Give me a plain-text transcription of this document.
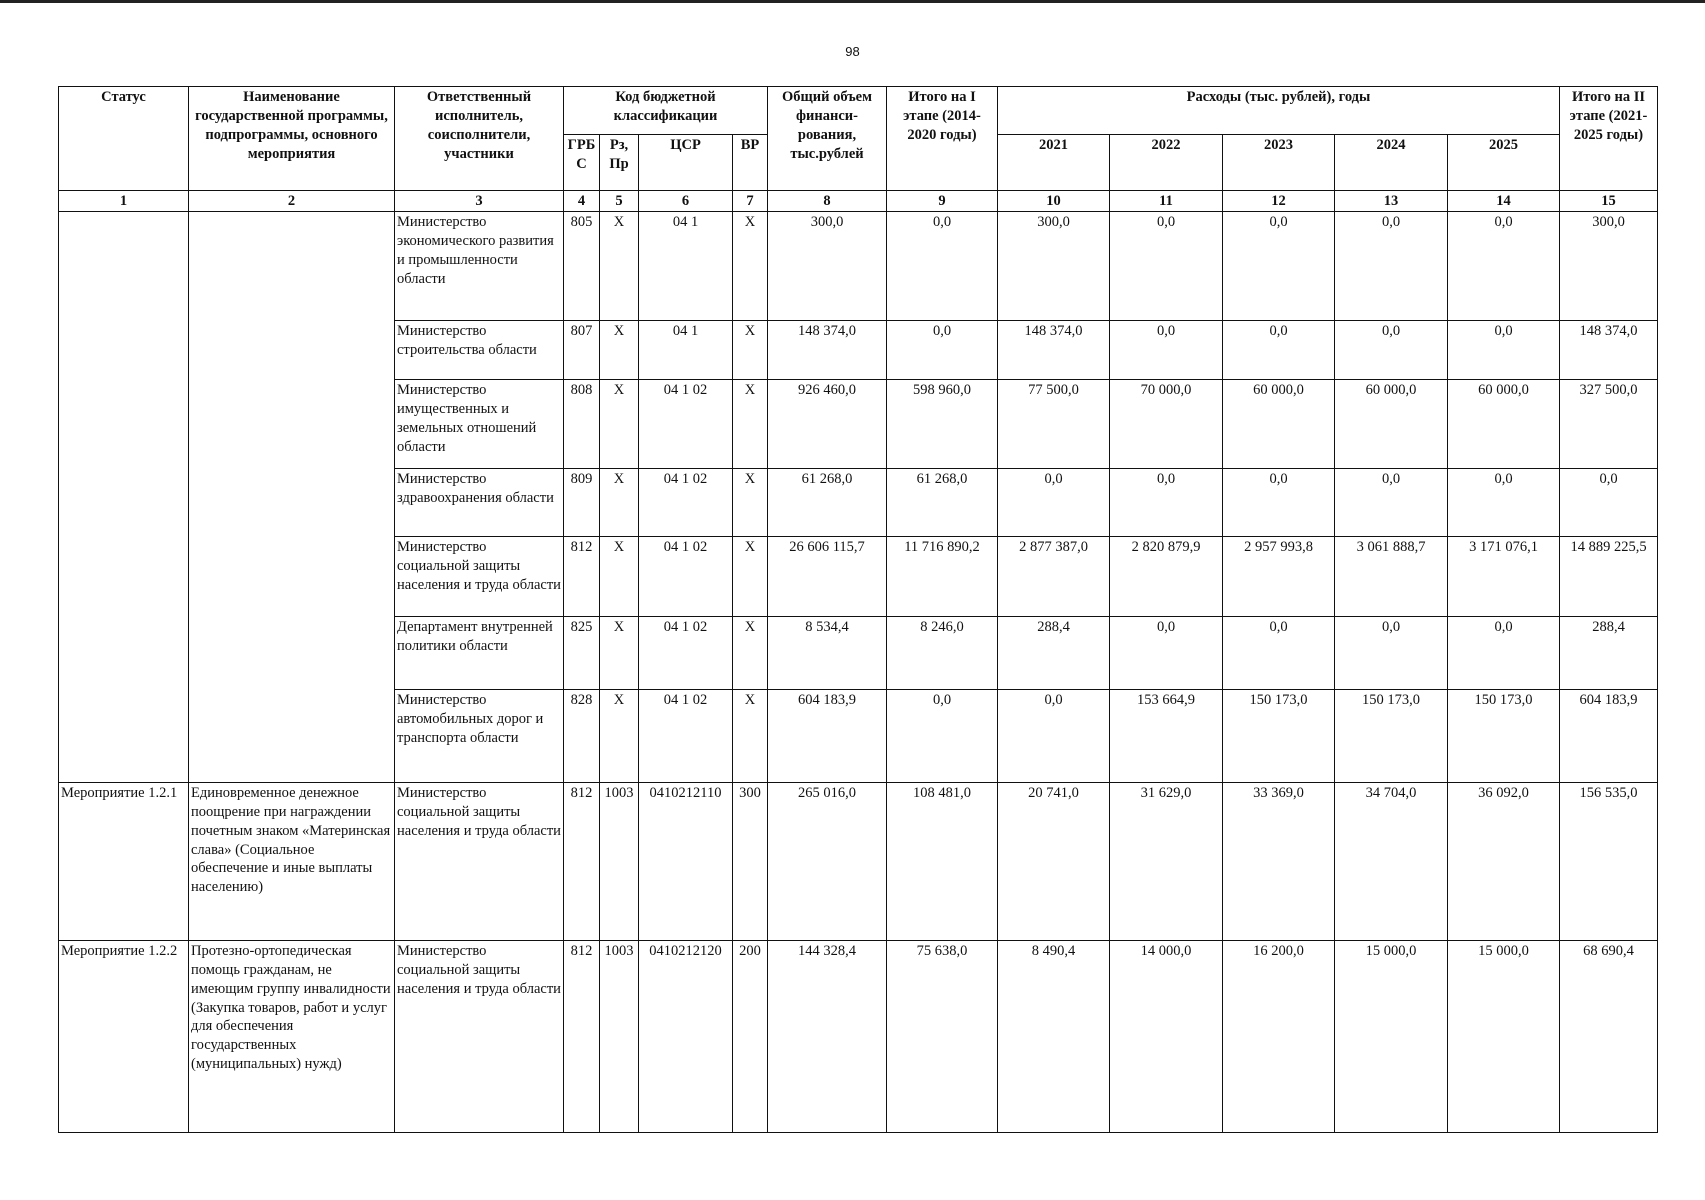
98
Статус	Наименование государственной программы, подпрограммы, основного мероприятия	Ответственный исполнитель, соисполнители, участники	Код бюджетной классификации				Общий объем финанси- рования, тыс.рублей	Итого на I этапе (2014-2020 годы)	Расходы (тыс. рублей), годы					Итого на II этапе (2021- 2025 годы)
			ГРБ С	Рз, Пр	ЦСР	ВР			2021	2022	2023	2024	2025	
1	2	3	4	5	6	7	8	9	10	11	12	13	14	15
		Министерство экономического развития и промышленности области	805	Х	04 1	Х	300,0	0,0	300,0	0,0	0,0	0,0	0,0	300,0
		Министерство строительства области	807	Х	04 1	Х	148 374,0	0,0	148 374,0	0,0	0,0	0,0	0,0	148 374,0
		Министерство имущественных и земельных отношений области	808	Х	04 1 02	Х	926 460,0	598 960,0	77 500,0	70 000,0	60 000,0	60 000,0	60 000,0	327 500,0
		Министерство здравоохранения области	809	Х	04 1 02	Х	61 268,0	61 268,0	0,0	0,0	0,0	0,0	0,0	0,0
		Министерство социальной защиты населения и труда области	812	Х	04 1 02	Х	26 606 115,7	11 716 890,2	2 877 387,0	2 820 879,9	2 957 993,8	3 061 888,7	3 171 076,1	14 889 225,5
		Департамент внутренней политики области	825	Х	04 1 02	Х	8 534,4	8 246,0	288,4	0,0	0,0	0,0	0,0	288,4
		Министерство автомобильных дорог и транспорта области	828	Х	04 1 02	Х	604 183,9	0,0	0,0	153 664,9	150 173,0	150 173,0	150 173,0	604 183,9
Мероприятие 1.2.1	Единовременное денежное поощрение при награждении почетным знаком «Материнская слава» (Социальное обеспечение и иные выплаты населению)	Министерство социальной защиты населения и труда области	812	1003	0410212110	300	265 016,0	108 481,0	20 741,0	31 629,0	33 369,0	34 704,0	36 092,0	156 535,0
Мероприятие 1.2.2	Протезно-ортопедическая помощь гражданам, не имеющим группу инвалидности (Закупка товаров, работ и услуг для обеспечения государственных (муниципальных) нужд)	Министерство социальной защиты населения и труда области	812	1003	0410212120	200	144 328,4	75 638,0	8 490,4	14 000,0	16 200,0	15 000,0	15 000,0	68 690,4
